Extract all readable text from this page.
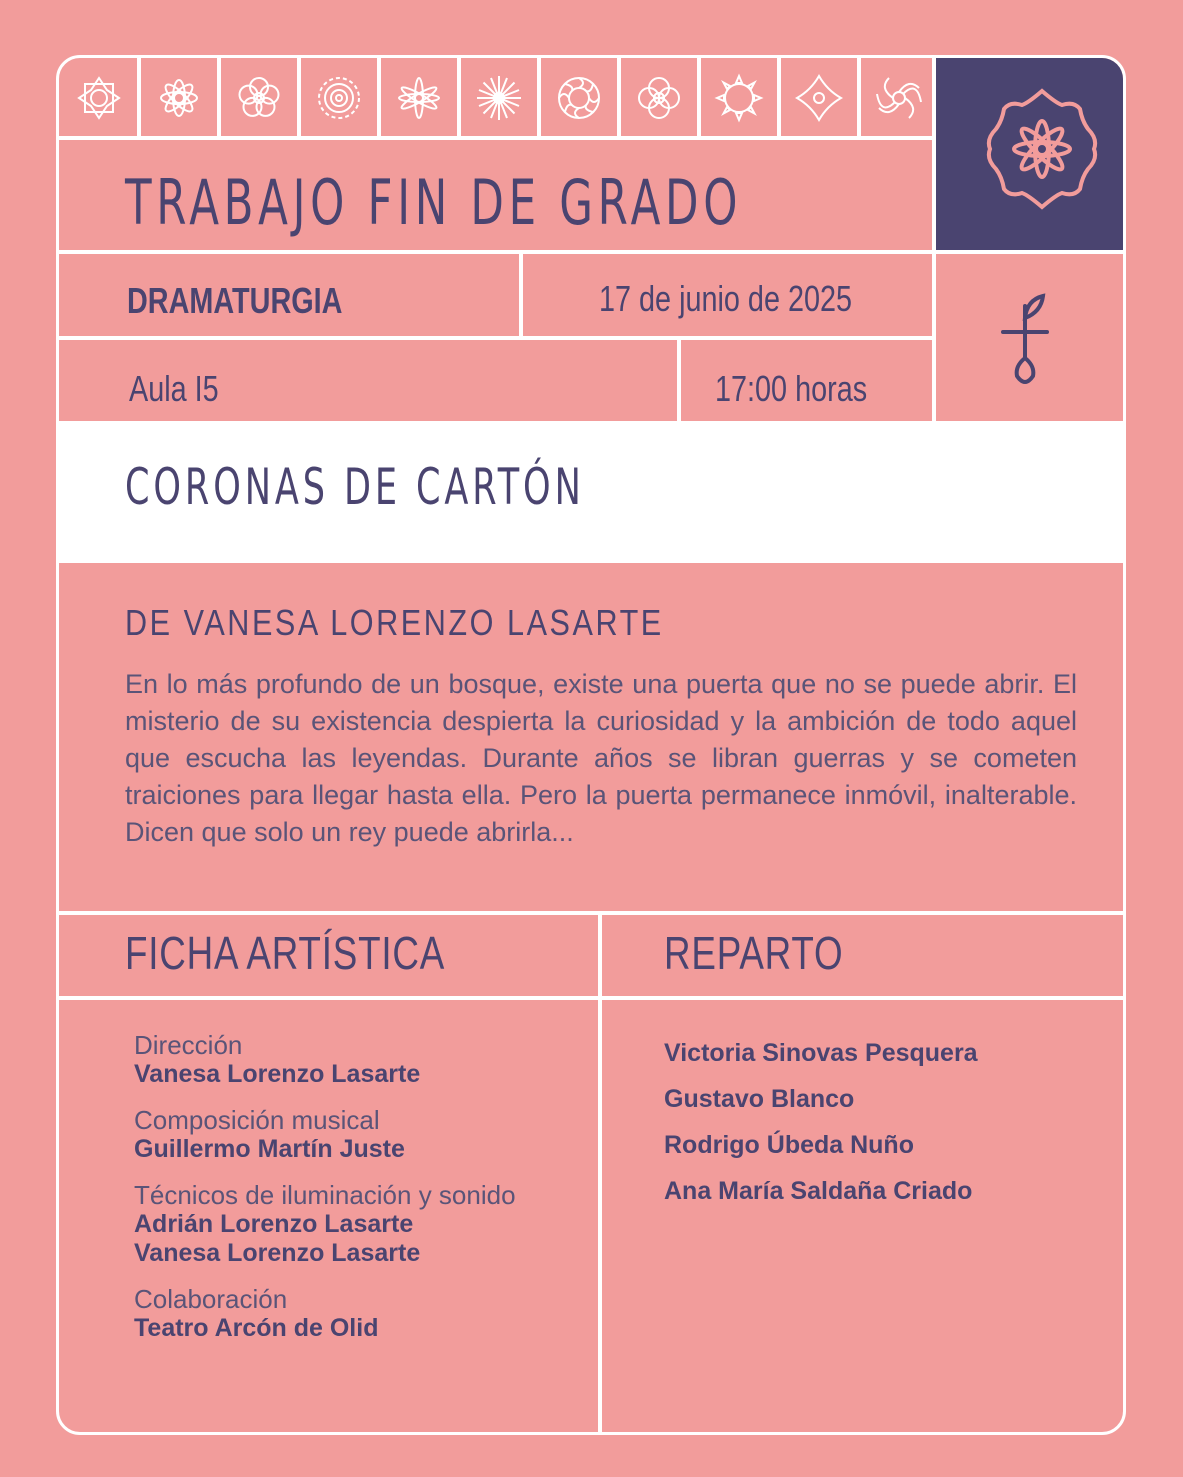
TRABAJO FIN DE GRADO
DRAMATURGIA	17 de junio de 2025
Aula I5	17:00 horas
CORONAS DE CARTÓN
DE VANESA LORENZO LASARTE
En lo más profundo de un bosque, existe una puerta que no se puede abrir. El misterio de su existencia despierta la curiosidad y la ambición de todo aquel que escucha las leyendas. Durante años se libran guerras y se cometen traiciones para llegar hasta ella. Pero la puerta permanece inmóvil, inalterable. Dicen que solo un rey puede abrirla...
FICHA ARTÍSTICA	REPARTO
Dirección
Vanesa Lorenzo Lasarte
Composición musical
Guillermo Martín Juste
Técnicos de iluminación y sonido
Adrián Lorenzo Lasarte
Vanesa Lorenzo Lasarte
Colaboración
Teatro Arcón de Olid
Victoria Sinovas Pesquera
Gustavo Blanco
Rodrigo Úbeda Nuño
Ana María Saldaña Criado
